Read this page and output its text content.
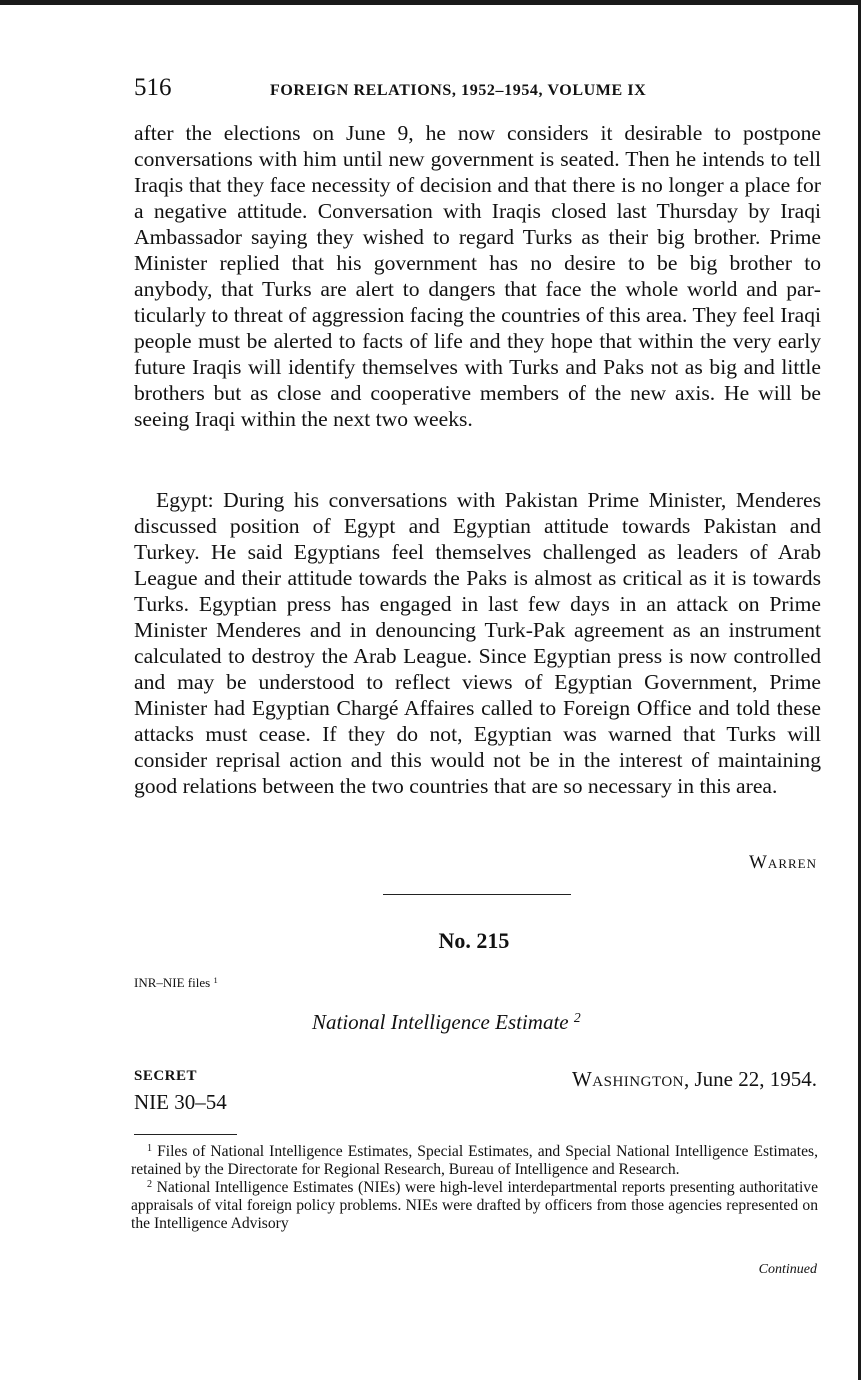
516	FOREIGN RELATIONS, 1952–1954, VOLUME IX

after the elections on June 9, he now considers it desirable to postpone conversations with him until new government is seated. Then he intends to tell Iraqis that they face necessity of decision and that there is no longer a place for a negative attitude. Conversation with Iraqis closed last Thursday by Iraqi Ambassador saying they wished to regard Turks as their big brother. Prime Minister replied that his government has no desire to be big brother to anybody, that Turks are alert to dangers that face the whole world and particularly to threat of aggression facing the countries of this area. They feel Iraqi people must be alerted to facts of life and they hope that within the very early future Iraqis will identify themselves with Turks and Paks not as big and little brothers but as close and cooperative members of the new axis. He will be seeing Iraqi within the next two weeks.

Egypt: During his conversations with Pakistan Prime Minister, Menderes discussed position of Egypt and Egyptian attitude towards Pakistan and Turkey. He said Egyptians feel themselves challenged as leaders of Arab League and their attitude towards the Paks is almost as critical as it is towards Turks. Egyptian press has engaged in last few days in an attack on Prime Minister Menderes and in denouncing Turk-Pak agreement as an instrument calculated to destroy the Arab League. Since Egyptian press is now controlled and may be understood to reflect views of Egyptian Government, Prime Minister had Egyptian Chargé Affaires called to Foreign Office and told these attacks must cease. If they do not, Egyptian was warned that Turks will consider reprisal action and this would not be in the interest of maintaining good relations between the two countries that are so necessary in this area.

Warren
No. 215
INR–NIE files $^1$
National Intelligence Estimate $^2$
SECRET
NIE 30–54
Washington, June 22, 1954.

$^1$ Files of National Intelligence Estimates, Special Estimates, and Special National Intelligence Estimates, retained by the Directorate for Regional Research, Bureau of Intelligence and Research.

$^2$ National Intelligence Estimates (NIEs) were high-level interdepartmental reports presenting authoritative appraisals of vital foreign policy problems. NIEs were drafted by officers from those agencies represented on the Intelligence Advisory

Continued
